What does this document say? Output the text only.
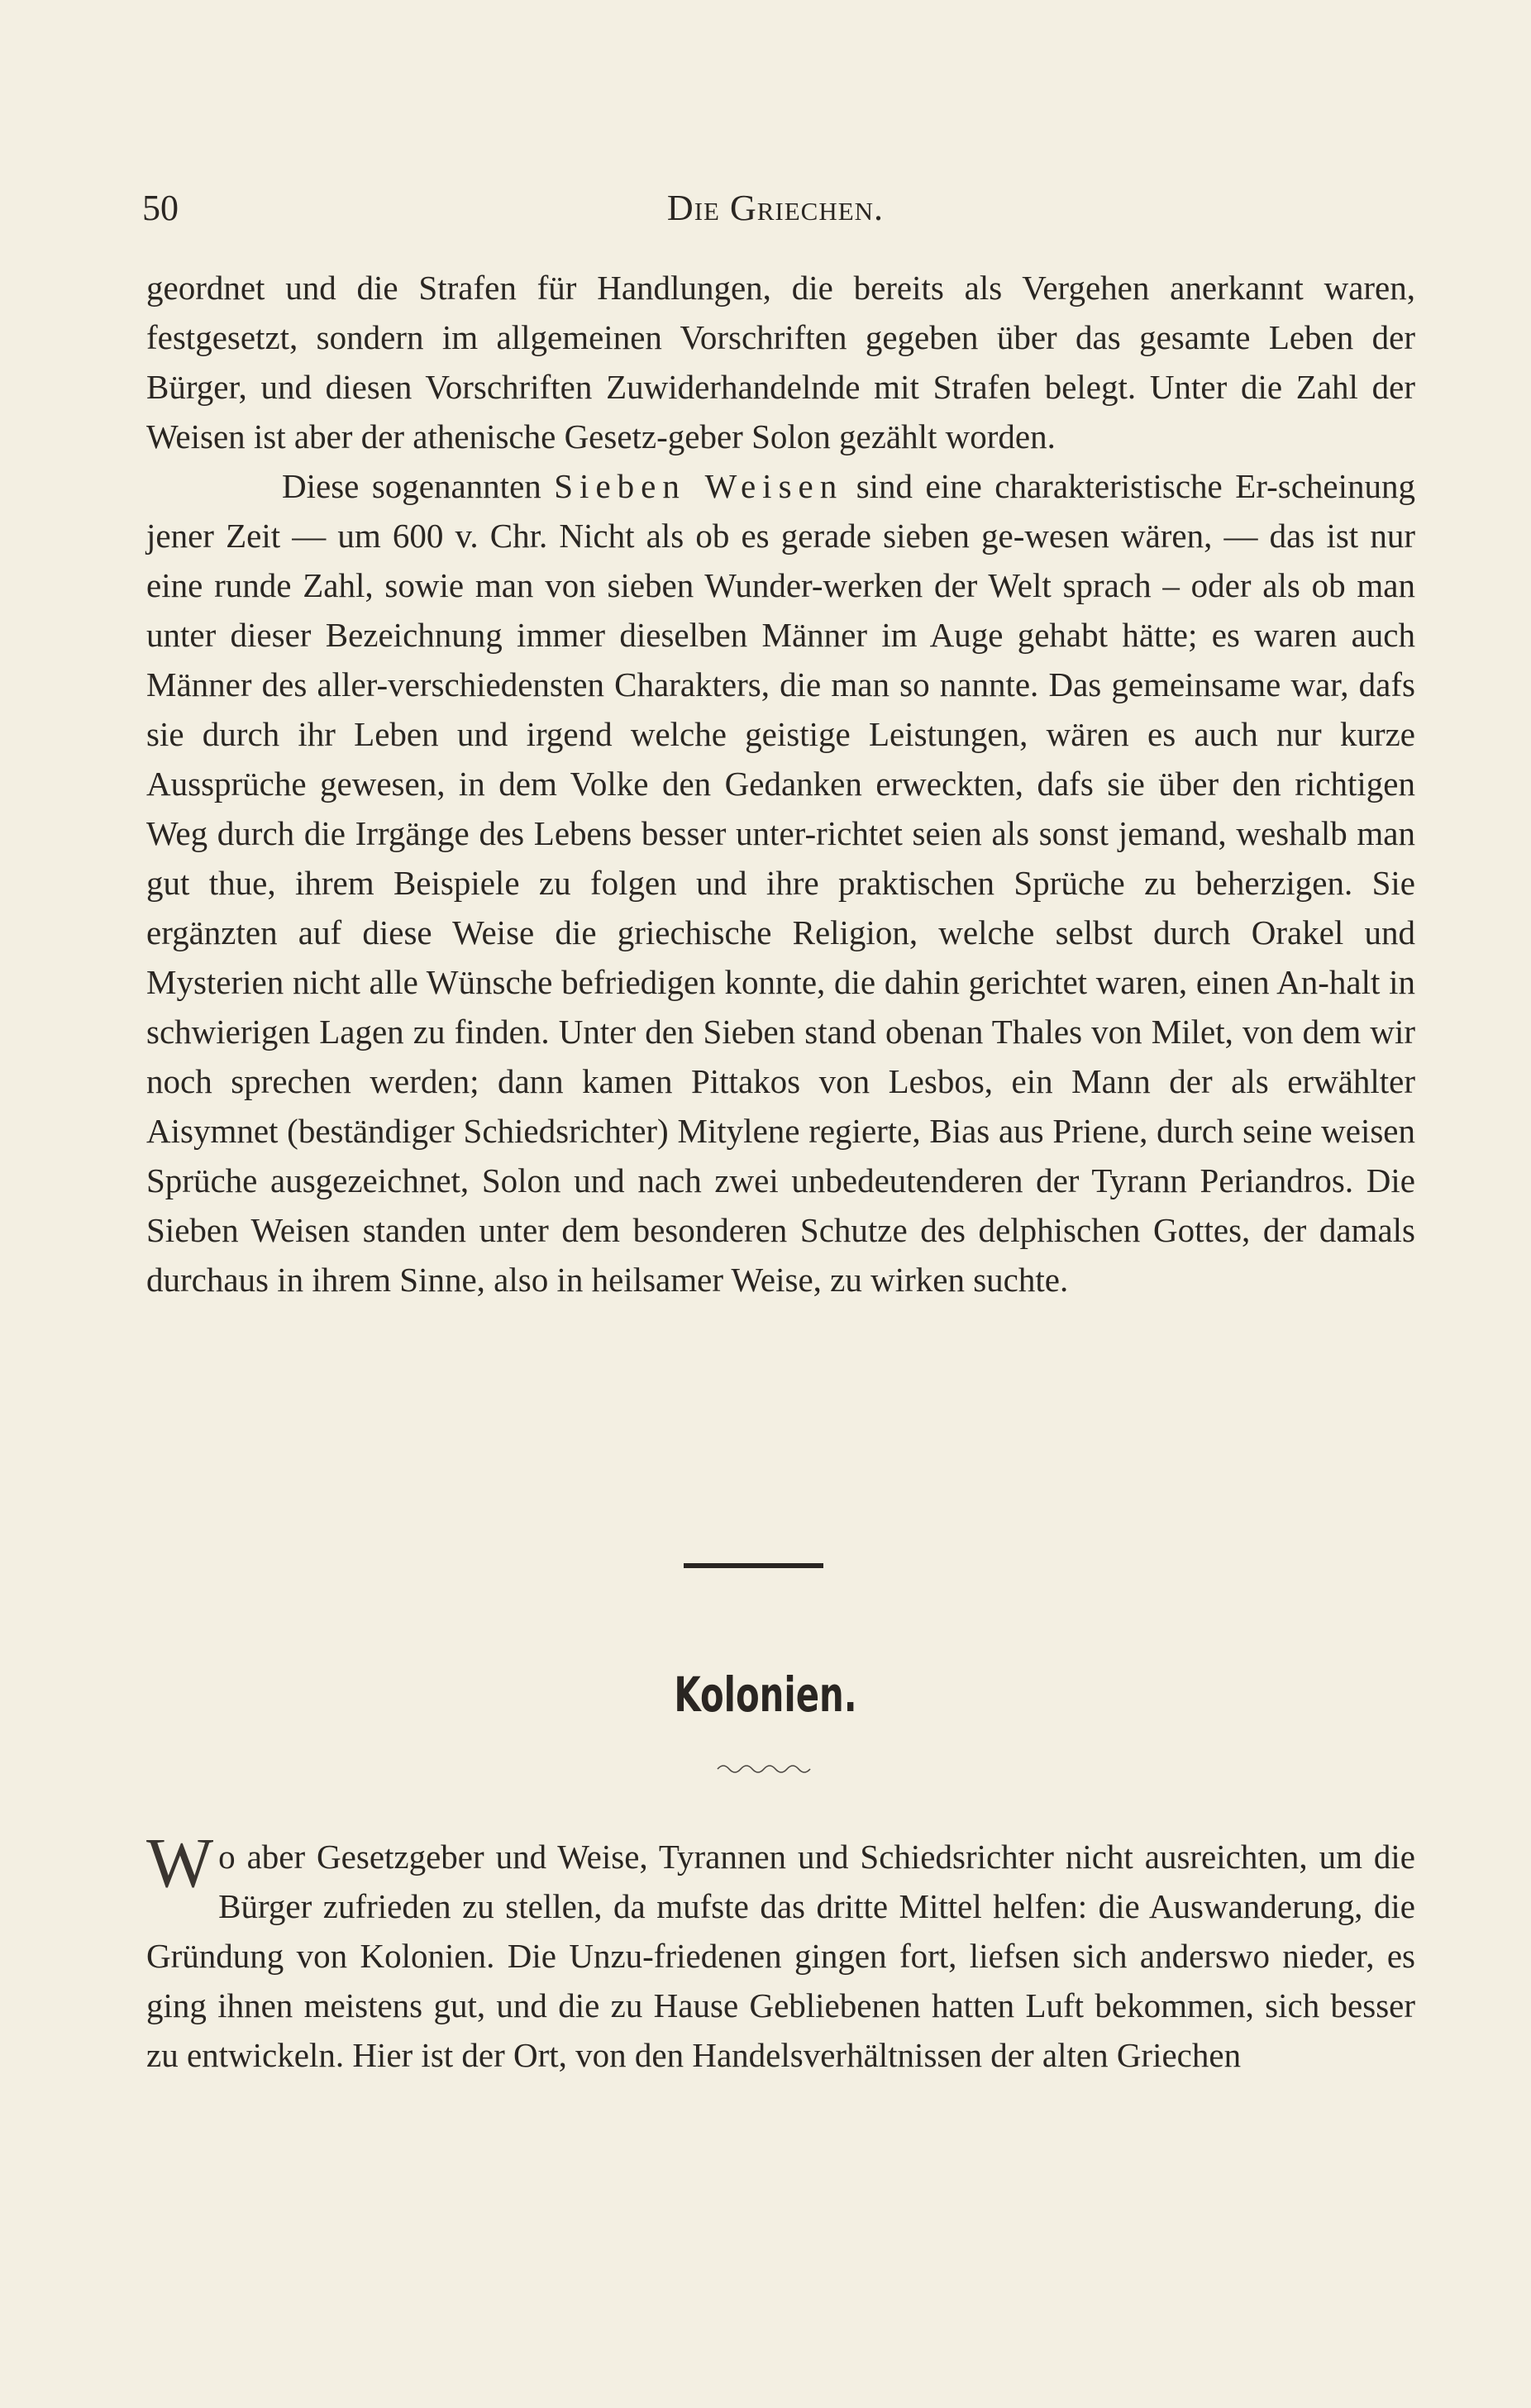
50	Die Griechen.

geordnet und die Strafen für Handlungen, die bereits als Vergehen anerkannt waren, festgesetzt, sondern im allgemeinen Vorschriften gegeben über das gesamte Leben der Bürger, und diesen Vorschriften Zuwiderhandelnde mit Strafen belegt. Unter die Zahl der Weisen ist aber der athenische Gesetz-geber Solon gezählt worden.

Diese sogenannten Sieben Weisen sind eine charakteristische Er-scheinung jener Zeit — um 600 v. Chr. Nicht als ob es gerade sieben ge-wesen wären, — das ist nur eine runde Zahl, sowie man von sieben Wunder-werken der Welt sprach – oder als ob man unter dieser Bezeichnung immer dieselben Männer im Auge gehabt hätte; es waren auch Männer des aller-verschiedensten Charakters, die man so nannte. Das gemeinsame war, dafs sie durch ihr Leben und irgend welche geistige Leistungen, wären es auch nur kurze Aussprüche gewesen, in dem Volke den Gedanken erweckten, dafs sie über den richtigen Weg durch die Irrgänge des Lebens besser unter-richtet seien als sonst jemand, weshalb man gut thue, ihrem Beispiele zu folgen und ihre praktischen Sprüche zu beherzigen. Sie ergänzten auf diese Weise die griechische Religion, welche selbst durch Orakel und Mysterien nicht alle Wünsche befriedigen konnte, die dahin gerichtet waren, einen An-halt in schwierigen Lagen zu finden. Unter den Sieben stand obenan Thales von Milet, von dem wir noch sprechen werden; dann kamen Pittakos von Lesbos, ein Mann der als erwählter Aisymnet (beständiger Schiedsrichter) Mitylene regierte, Bias aus Priene, durch seine weisen Sprüche ausgezeichnet, Solon und nach zwei unbedeutenderen der Tyrann Periandros. Die Sieben Weisen standen unter dem besonderen Schutze des delphischen Gottes, der damals durchaus in ihrem Sinne, also in heilsamer Weise, zu wirken suchte.

Kolonien.

Wo aber Gesetzgeber und Weise, Tyrannen und Schiedsrichter nicht ausreichten, um die Bürger zufrieden zu stellen, da mufste das dritte Mittel helfen: die Auswanderung, die Gründung von Kolonien. Die Unzu-friedenen gingen fort, liefsen sich anderswo nieder, es ging ihnen meistens gut, und die zu Hause Gebliebenen hatten Luft bekommen, sich besser zu entwickeln. Hier ist der Ort, von den Handelsverhältnissen der alten Griechen
